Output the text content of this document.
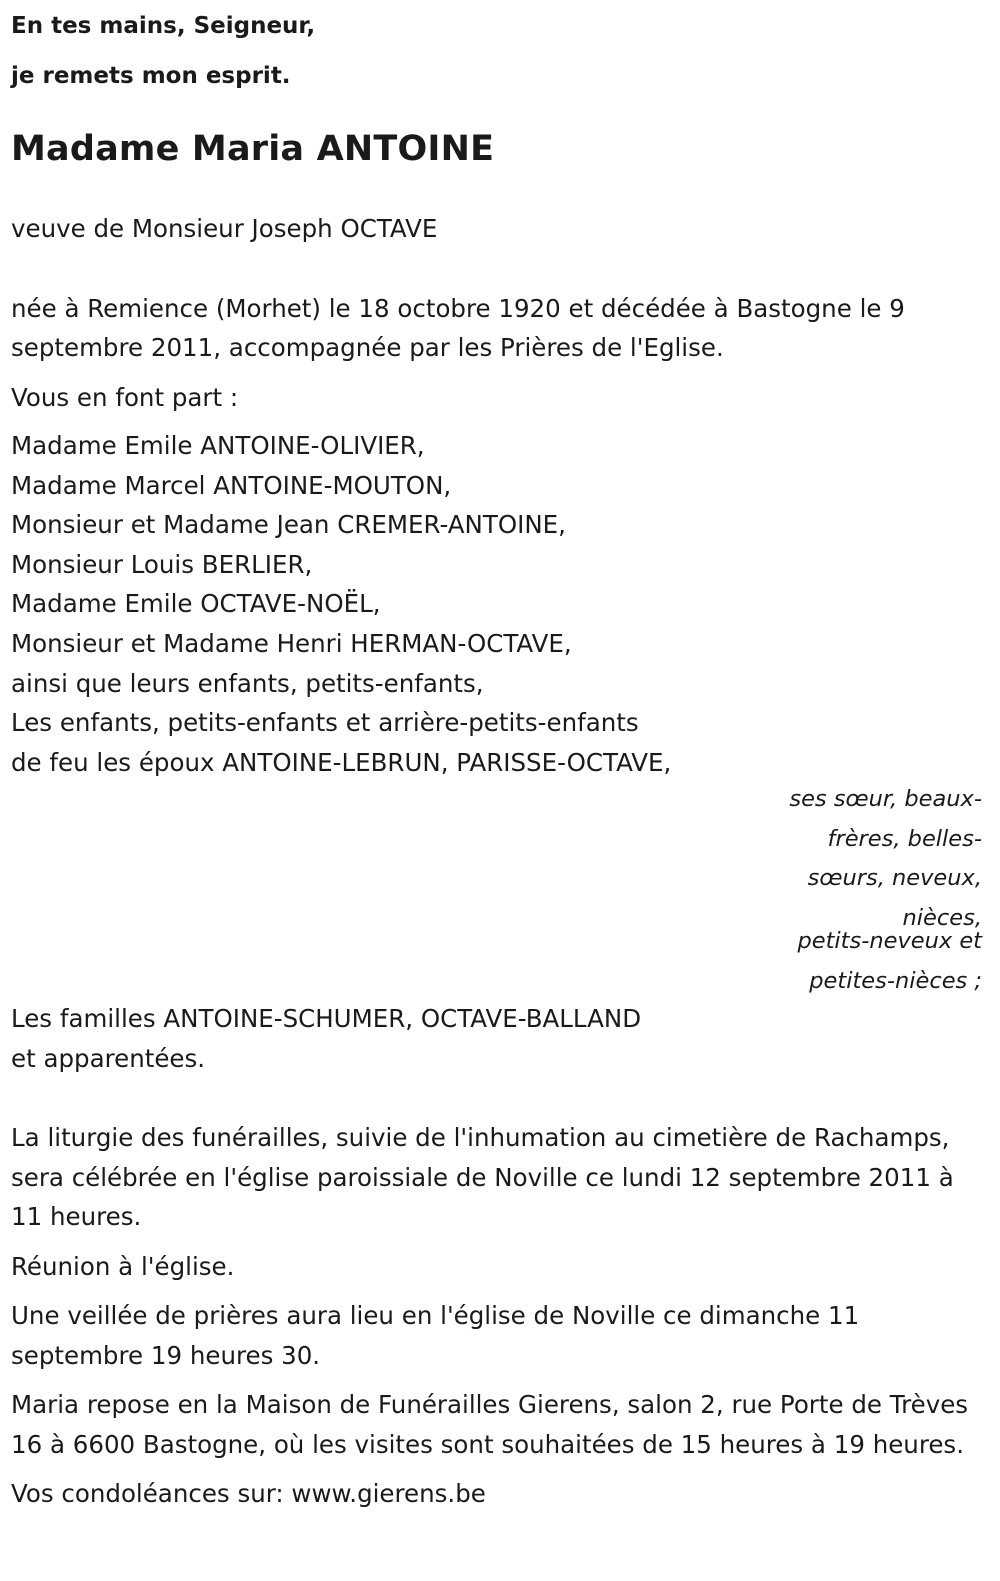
En tes mains, Seigneur,
je remets mon esprit.
Madame Maria ANTOINE

veuve de Monsieur Joseph OCTAVE

née à Remience (Morhet) le 18 octobre 1920 et décédée à Bastogne le 9 septembre 2011, accompagnée par les Prières de l'Eglise.

Vous en font part :

Madame Emile ANTOINE-OLIVIER,
Madame Marcel ANTOINE-MOUTON,
Monsieur et Madame Jean CREMER-ANTOINE,
Monsieur Louis BERLIER,
Madame Emile OCTAVE-NOËL,
Monsieur et Madame Henri HERMAN-OCTAVE,
ainsi que leurs enfants, petits-enfants,
Les enfants, petits-enfants et arrière-petits-enfants
de feu les époux ANTOINE-LEBRUN, PARISSE-OCTAVE,
Les familles ANTOINE-SCHUMER, OCTAVE-BALLAND
et apparentées.

La liturgie des funérailles, suivie de l'inhumation au cimetière de Rachamps, sera célébrée en l'église paroissiale de Noville ce lundi 12 septembre 2011 à 11 heures.

Réunion à l'église.

Une veillée de prières aura lieu en l'église de Noville ce dimanche 11 septembre 19 heures 30.

Maria repose en la Maison de Funérailles Gierens, salon 2, rue Porte de Trèves 16 à 6600 Bastogne, où les visites sont souhaitées de 15 heures à 19 heures.

Vos condoléances sur: www.gierens.be

ses sœur, beaux-frères, belles-sœurs, neveux, nièces,
petits-neveux et petites-nièces ;
